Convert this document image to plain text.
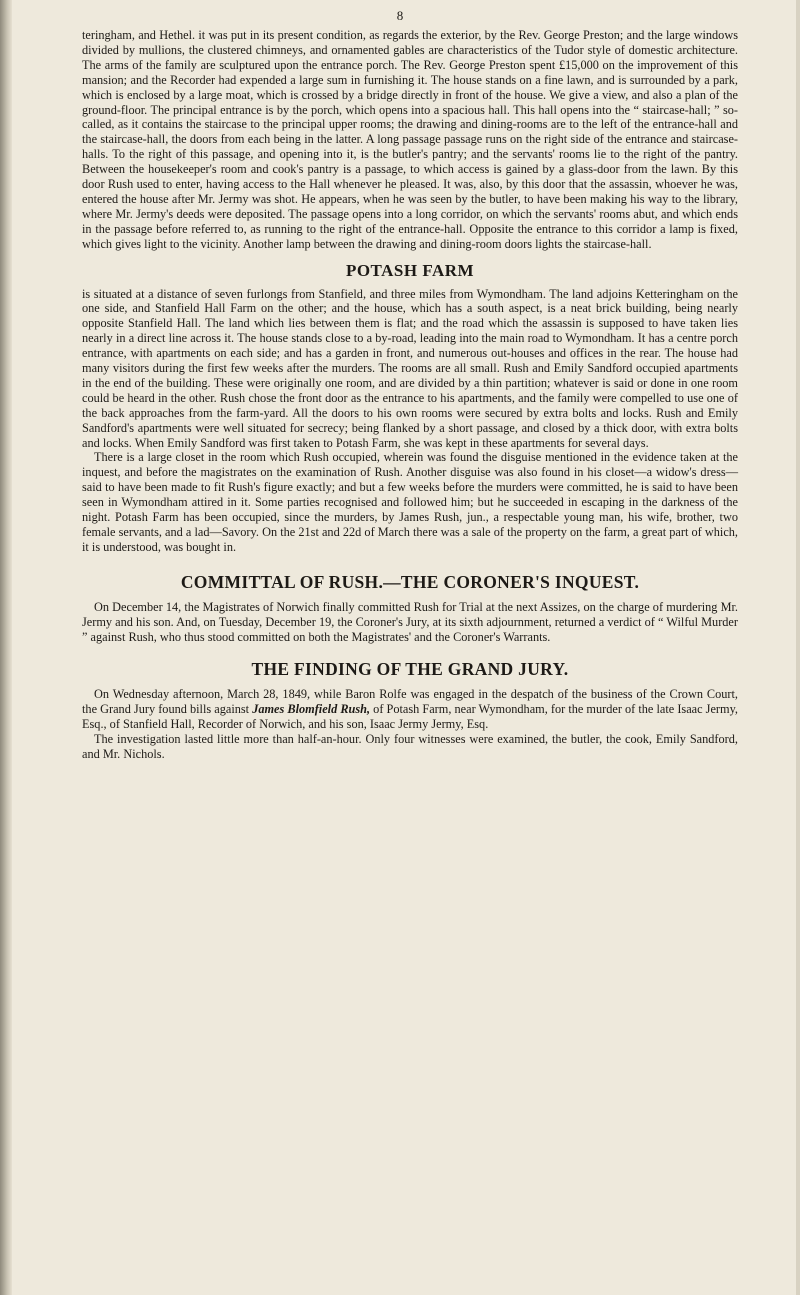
8

teringham, and Hethel. it was put in its present condition, as regards the exterior, by the Rev. George Preston; and the large windows divided by mullions, the clustered chimneys, and ornamented gables are characteristics of the Tudor style of domestic architecture. The arms of the family are sculptured upon the entrance porch. The Rev. George Preston spent £15,000 on the improvement of this mansion; and the Recorder had expended a large sum in furnishing it. The house stands on a fine lawn, and is surrounded by a park, which is enclosed by a large moat, which is crossed by a bridge directly in front of the house. We give a view, and also a plan of the ground-floor. The principal entrance is by the porch, which opens into a spacious hall. This hall opens into the “ staircase-hall; ” so-called, as it contains the staircase to the principal upper rooms; the drawing and dining-rooms are to the left of the entrance-hall and the staircase-hall, the doors from each being in the latter. A long passage passage runs on the right side of the entrance and staircase-halls. To the right of this passage, and opening into it, is the butler's pantry; and the servants' rooms lie to the right of the pantry. Between the housekeeper's room and cook's pantry is a passage, to which access is gained by a glass-door from the lawn. By this door Rush used to enter, having access to the Hall whenever he pleased. It was, also, by this door that the assassin, whoever he was, entered the house after Mr. Jermy was shot. He appears, when he was seen by the butler, to have been making his way to the library, where Mr. Jermy's deeds were deposited. The passage opens into a long corridor, on which the servants' rooms abut, and which ends in the passage before referred to, as running to the right of the entrance-hall. Opposite the entrance to this corridor a lamp is fixed, which gives light to the vicinity. Another lamp between the drawing and dining-room doors lights the staircase-hall.

POTASH FARM

is situated at a distance of seven furlongs from Stanfield, and three miles from Wymondham. The land adjoins Ketteringham on the one side, and Stanfield Hall Farm on the other; and the house, which has a south aspect, is a neat brick building, being nearly opposite Stanfield Hall. The land which lies between them is flat; and the road which the assassin is supposed to have taken lies nearly in a direct line across it. The house stands close to a by-road, leading into the main road to Wymondham. It has a centre porch entrance, with apartments on each side; and has a garden in front, and numerous out-houses and offices in the rear. The house had many visitors during the first few weeks after the murders. The rooms are all small. Rush and Emily Sandford occupied apartments in the end of the building. These were originally one room, and are divided by a thin partition; whatever is said or done in one room could be heard in the other. Rush chose the front door as the entrance to his apartments, and the family were compelled to use one of the back approaches from the farm-yard. All the doors to his own rooms were secured by extra bolts and locks. Rush and Emily Sandford's apartments were well situated for secrecy; being flanked by a short passage, and closed by a thick door, with extra bolts and locks. When Emily Sandford was first taken to Potash Farm, she was kept in these apartments for several days.

There is a large closet in the room which Rush occupied, wherein was found the disguise mentioned in the evidence taken at the inquest, and before the magistrates on the examination of Rush. Another disguise was also found in his closet—a widow's dress—said to have been made to fit Rush's figure exactly; and but a few weeks before the murders were committed, he is said to have been seen in Wymondham attired in it. Some parties recognised and followed him; but he succeeded in escaping in the darkness of the night. Potash Farm has been occupied, since the murders, by James Rush, jun., a respectable young man, his wife, brother, two female servants, and a lad—Savory. On the 21st and 22d of March there was a sale of the property on the farm, a great part of which, it is understood, was bought in.

COMMITTAL OF RUSH.—THE CORONER'S INQUEST.

On December 14, the Magistrates of Norwich finally committed Rush for Trial at the next Assizes, on the charge of murdering Mr. Jermy and his son. And, on Tuesday, December 19, the Coroner's Jury, at its sixth adjournment, returned a verdict of “ Wilful Murder ” against Rush, who thus stood committed on both the Magistrates' and the Coroner's Warrants.

THE FINDING OF THE GRAND JURY.

On Wednesday afternoon, March 28, 1849, while Baron Rolfe was engaged in the despatch of the business of the Crown Court, the Grand Jury found bills against James Blomfield Rush, of Potash Farm, near Wymondham, for the murder of the late Isaac Jermy, Esq., of Stanfield Hall, Recorder of Norwich, and his son, Isaac Jermy Jermy, Esq.

The investigation lasted little more than half-an-hour. Only four witnesses were examined, the butler, the cook, Emily Sandford, and Mr. Nichols.
